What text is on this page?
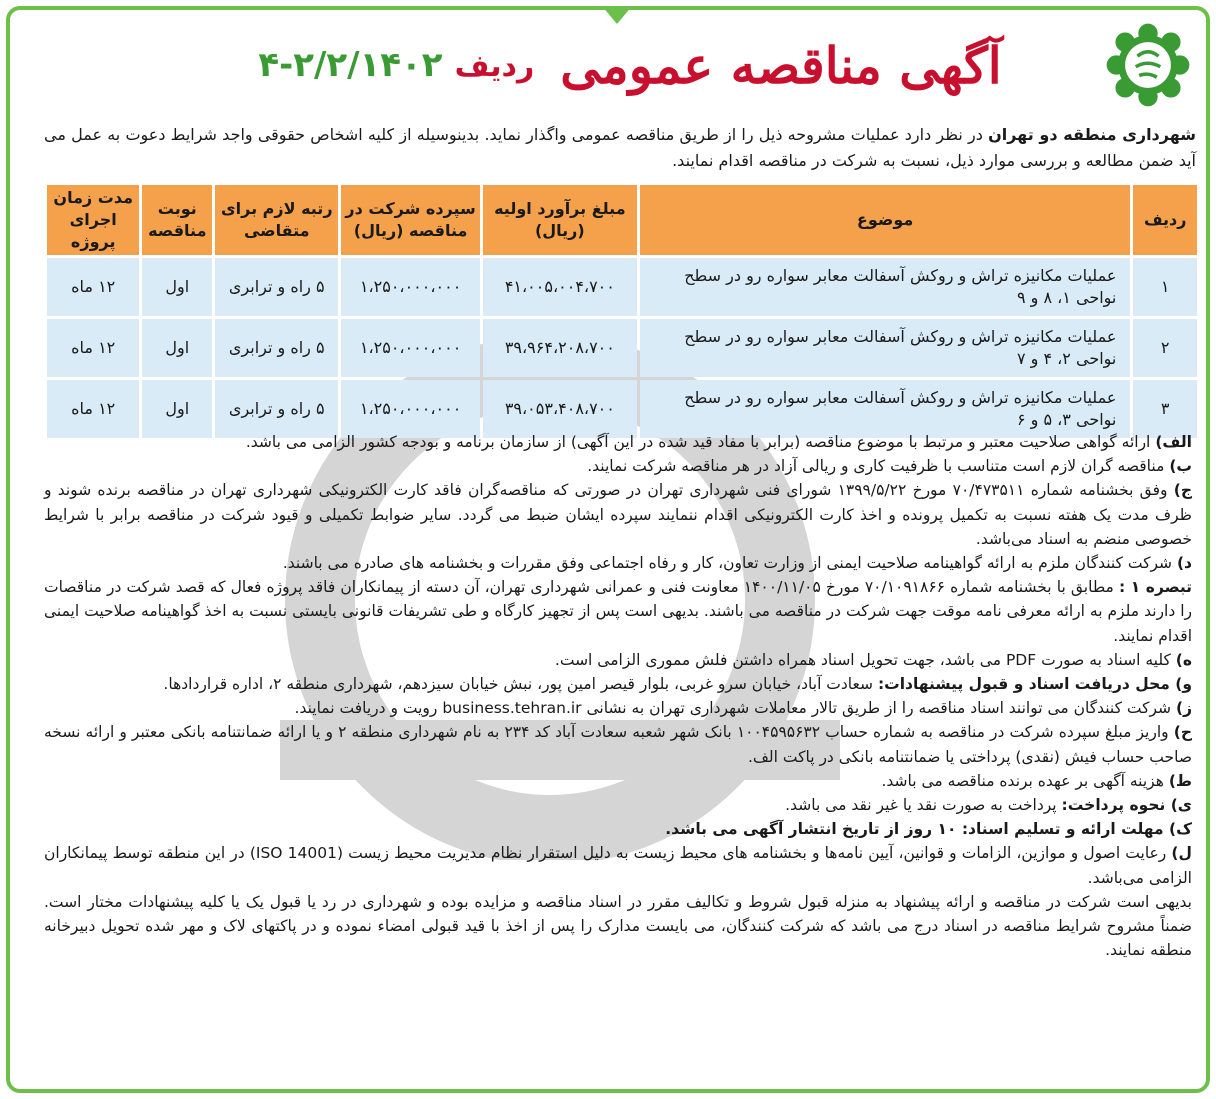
آگهی مناقصه عمومی
ردیف
۴-۲/۲/۱۴۰۲

شهرداری منطقه دو تهران در نظر دارد عملیات مشروحه ذیل را از طریق مناقصه عمومی واگذار نماید. بدینوسیله از کلیه اشخاص حقوقی واجد شرایط دعوت به عمل می آید ضمن مطالعه و بررسی موارد ذیل، نسبت به شرکت در مناقصه اقدام نمایند.

ردیف	موضوع	مبلغ برآورد اولیه (ریال)	سپرده شرکت در مناقصه (ریال)	رتبه لازم برای متقاضی	نوبت مناقصه	مدت زمان اجرای پروژه
۱	عملیات مکانیزه تراش و روکش آسفالت معابر سواره رو در سطح نواحی ۱، ۸ و ۹	۴۱،۰۰۵،۰۰۴،۷۰۰	۱،۲۵۰،۰۰۰،۰۰۰	۵ راه و ترابری	اول	۱۲ ماه
۲	عملیات مکانیزه تراش و روکش آسفالت معابر سواره رو در سطح نواحی ۲، ۴ و ۷	۳۹،۹۶۴،۲۰۸،۷۰۰	۱،۲۵۰،۰۰۰،۰۰۰	۵ راه و ترابری	اول	۱۲ ماه
۳	عملیات مکانیزه تراش و روکش آسفالت معابر سواره رو در سطح نواحی ۳، ۵ و ۶	۳۹،۰۵۳،۴۰۸،۷۰۰	۱،۲۵۰،۰۰۰،۰۰۰	۵ راه و ترابری	اول	۱۲ ماه

الف) ارائه گواهی صلاحیت معتبر و مرتبط با موضوع مناقصه (برابر با مفاد قید شده در این آگهی) از سازمان برنامه و بودجه کشور الزامی می باشد.

ب) مناقصه گران لازم است متناسب با ظرفیت کاری و ریالی آزاد در هر مناقصه شرکت نمایند.

ج) وفق بخشنامه شماره ۷۰/۴۷۳۵۱۱ مورخ ۱۳۹۹/۵/۲۲ شورای فنی شهرداری تهران در صورتی که مناقصه‌گران فاقد کارت الکترونیکی شهرداری تهران در مناقصه برنده شوند و ظرف مدت یک هفته نسبت به تکمیل پرونده و اخذ کارت الکترونیکی اقدام ننمایند سپرده ایشان ضبط می گردد. سایر ضوابط تکمیلی و قیود شرکت در مناقصه برابر با شرایط خصوصی منضم به اسناد می‌باشد.

د) شرکت کنندگان ملزم به ارائه گواهینامه صلاحیت ایمنی از وزارت تعاون، کار و رفاه اجتماعی وفق مقررات و بخشنامه های صادره می باشند.

تبصره ۱ : مطابق با بخشنامه شماره ۷۰/۱۰۹۱۸۶۶ مورخ ۱۴۰۰/۱۱/۰۵ معاونت فنی و عمرانی شهرداری تهران، آن دسته از پیمانکاران فاقد پروژه فعال که قصد شرکت در مناقصات را دارند ملزم به ارائه معرفی نامه موقت جهت شرکت در مناقصه می باشند. بدیهی است پس از تجهیز کارگاه و طی تشریفات قانونی بایستی نسبت به اخذ گواهینامه صلاحیت ایمنی اقدام نمایند.

ه) کلیه اسناد به صورت PDF می باشد، جهت تحویل اسناد همراه داشتن فلش مموری الزامی است.

و) محل دریافت اسناد و قبول پیشنهادات: سعادت آباد، خیابان سرو غربی، بلوار قیصر امین پور، نبش خیابان سیزدهم، شهرداری منطقه ۲، اداره قراردادها.

ز) شرکت کنندگان می توانند اسناد مناقصه را از طریق تالار معاملات شهرداری تهران به نشانی business.tehran.ir رویت و دریافت نمایند.

ح) واریز مبلغ سپرده شرکت در مناقصه به شماره حساب ۱۰۰۴۵۹۵۶۳۲ بانک شهر شعبه سعادت آباد کد ۲۳۴ به نام شهرداری منطقه ۲ و یا ارائه ضمانتنامه بانکی معتبر و ارائه نسخه صاحب حساب فیش (نقدی) پرداختی یا ضمانتنامه بانکی در پاکت الف.

ط) هزینه آگهی بر عهده برنده مناقصه می باشد.

ی) نحوه پرداخت: پرداخت به صورت نقد یا غیر نقد می باشد.

ک) مهلت ارائه و تسلیم اسناد: ۱۰ روز از تاریخ انتشار آگهی می باشد.

ل) رعایت اصول و موازین، الزامات و قوانین، آیین نامه‌ها و بخشنامه های محیط زیست به دلیل استقرار نظام مدیریت محیط زیست (ISO 14001) در این منطقه توسط پیمانکاران الزامی می‌باشد.

بدیهی است شرکت در مناقصه و ارائه پیشنهاد به منزله قبول شروط و تکالیف مقرر در اسناد مناقصه و مزایده بوده و شهرداری در رد یا قبول یک یا کلیه پیشنهادات مختار است. ضمناً مشروح شرایط مناقصه در اسناد درج می باشد که شرکت کنندگان، می بایست مدارک را پس از اخذ با قید قبولی امضاء نموده و در پاکتهای لاک و مهر شده تحویل دبیرخانه منطقه نمایند.
